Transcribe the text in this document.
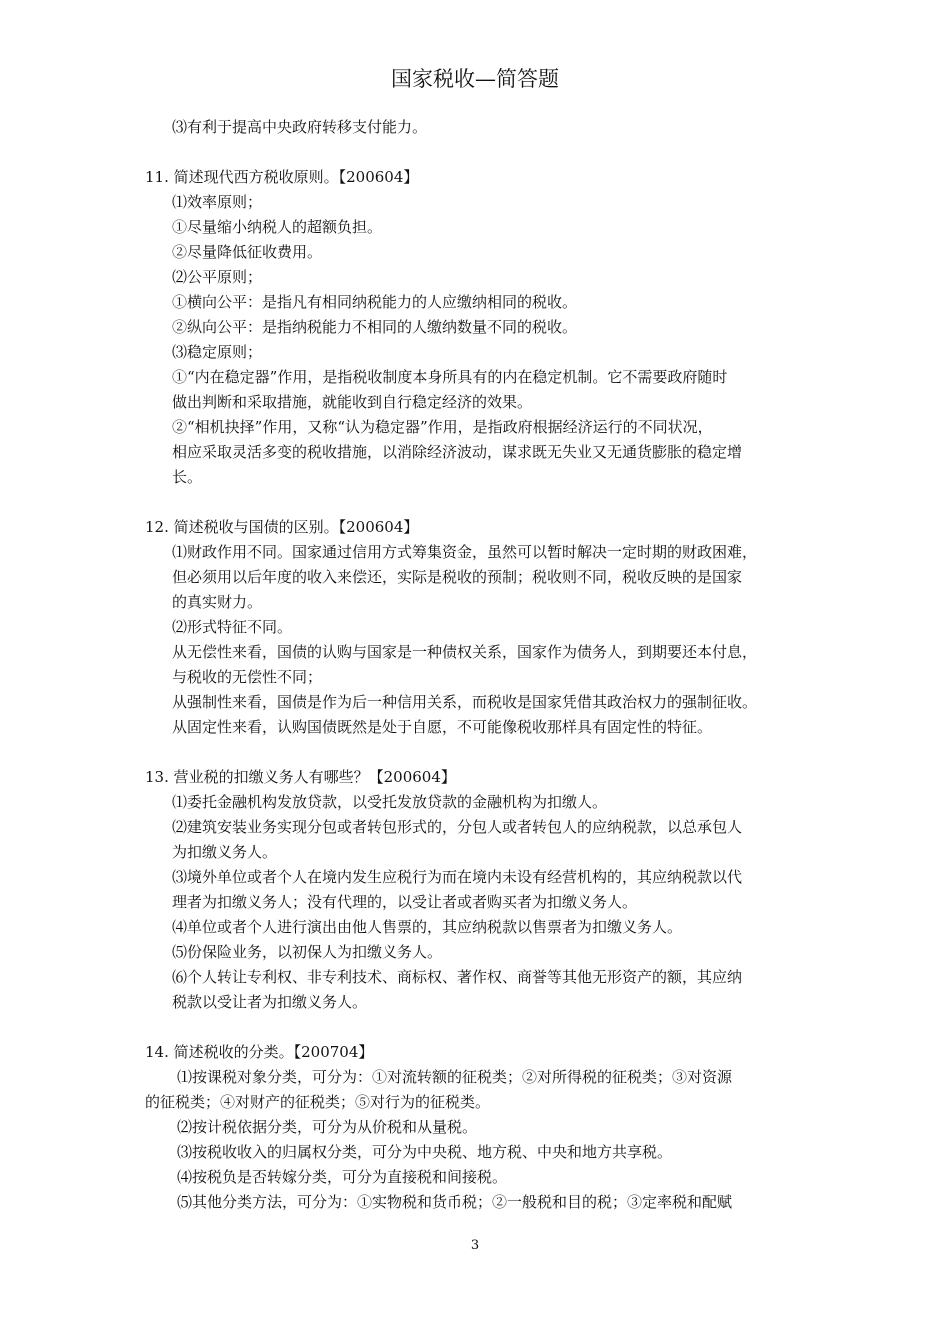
国家税收—简答题
⑶有利于提高中央政府转移支付能力。
11. 简述现代西方税收原则。【200604】
⑴效率原则；
①尽量缩小纳税人的超额负担。
②尽量降低征收费用。
⑵公平原则；
①横向公平：是指凡有相同纳税能力的人应缴纳相同的税收。
②纵向公平：是指纳税能力不相同的人缴纳数量不同的税收。
⑶稳定原则；
①“内在稳定器”作用，是指税收制度本身所具有的内在稳定机制。它不需要政府随时
做出判断和采取措施，就能收到自行稳定经济的效果。
②“相机抉择”作用，又称“认为稳定器”作用，是指政府根据经济运行的不同状况，
相应采取灵活多变的税收措施，以消除经济波动，谋求既无失业又无通货膨胀的稳定增
长。
12. 简述税收与国债的区别。【200604】
⑴财政作用不同。国家通过信用方式筹集资金，虽然可以暂时解决一定时期的财政困难，
但必须用以后年度的收入来偿还，实际是税收的预制；税收则不同，税收反映的是国家
的真实财力。
⑵形式特征不同。
从无偿性来看，国债的认购与国家是一种债权关系，国家作为债务人，到期要还本付息，
与税收的无偿性不同；
从强制性来看，国债是作为后一种信用关系，而税收是国家凭借其政治权力的强制征收。
从固定性来看，认购国债既然是处于自愿，不可能像税收那样具有固定性的特征。
13. 营业税的扣缴义务人有哪些？【200604】
⑴委托金融机构发放贷款，以受托发放贷款的金融机构为扣缴人。
⑵建筑安装业务实现分包或者转包形式的，分包人或者转包人的应纳税款，以总承包人
为扣缴义务人。
⑶境外单位或者个人在境内发生应税行为而在境内未设有经营机构的，其应纳税款以代
理者为扣缴义务人；没有代理的，以受让者或者购买者为扣缴义务人。
⑷单位或者个人进行演出由他人售票的，其应纳税款以售票者为扣缴义务人。
⑸份保险业务，以初保人为扣缴义务人。
⑹个人转让专利权、非专利技术、商标权、著作权、商誉等其他无形资产的额，其应纳
税款以受让者为扣缴义务人。
14. 简述税收的分类。【200704】
⑴按课税对象分类，可分为：①对流转额的征税类；②对所得税的征税类；③对资源
的征税类；④对财产的征税类；⑤对行为的征税类。
⑵按计税依据分类，可分为从价税和从量税。
⑶按税收收入的归属权分类，可分为中央税、地方税、中央和地方共享税。
⑷按税负是否转嫁分类，可分为直接税和间接税。
⑸其他分类方法，可分为：①实物税和货币税；②一般税和目的税；③定率税和配赋
3
